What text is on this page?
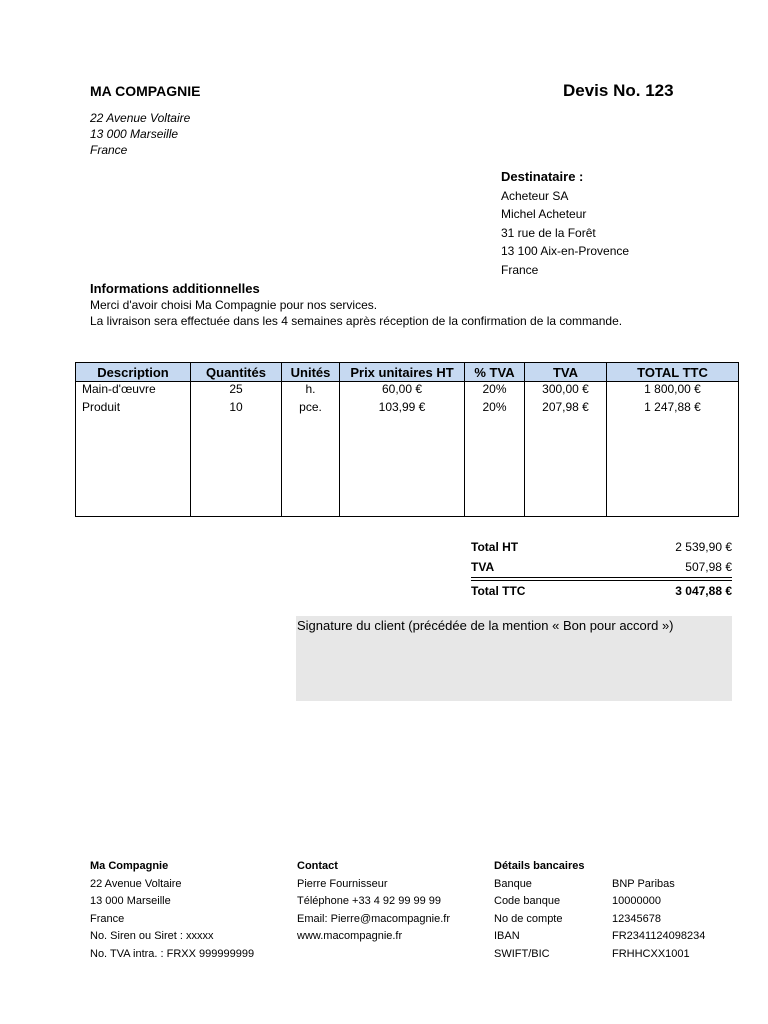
MA COMPAGNIE
22 Avenue Voltaire
13 000 Marseille
France
Devis No. 123
Destinataire :
Acheteur SA
Michel Acheteur
31 rue de la Forêt
13 100 Aix-en-Provence
France
Informations additionnelles
Merci d'avoir choisi Ma Compagnie pour nos services.
La livraison sera effectuée dans les 4 semaines après réception de la confirmation de la commande.
Description	Quantités	Unités	Prix unitaires HT	% TVA	TVA	TOTAL TTC
Main-d'œuvre	25	h.	60,00 €	20%	300,00 €	1 800,00 €
Produit	10	pce.	103,99 €	20%	207,98 €	1 247,88 €

Total HT	2 539,90 €
TVA	507,98 €
Total TTC	3 047,88 €
Signature du client (précédée de la mention « Bon pour accord »)
Ma Compagnie
22 Avenue Voltaire
13 000 Marseille
France
No. Siren ou Siret : xxxxx
No. TVA intra. : FRXX 999999999
Contact
Pierre Fournisseur
Téléphone +33 4 92 99 99 99
Email: Pierre@macompagnie.fr
www.macompagnie.fr
Détails bancaires
Banque	BNP Paribas
Code banque	10000000
No de compte	12345678
IBAN	FR2341124098234
SWIFT/BIC	FRHHCXX1001
